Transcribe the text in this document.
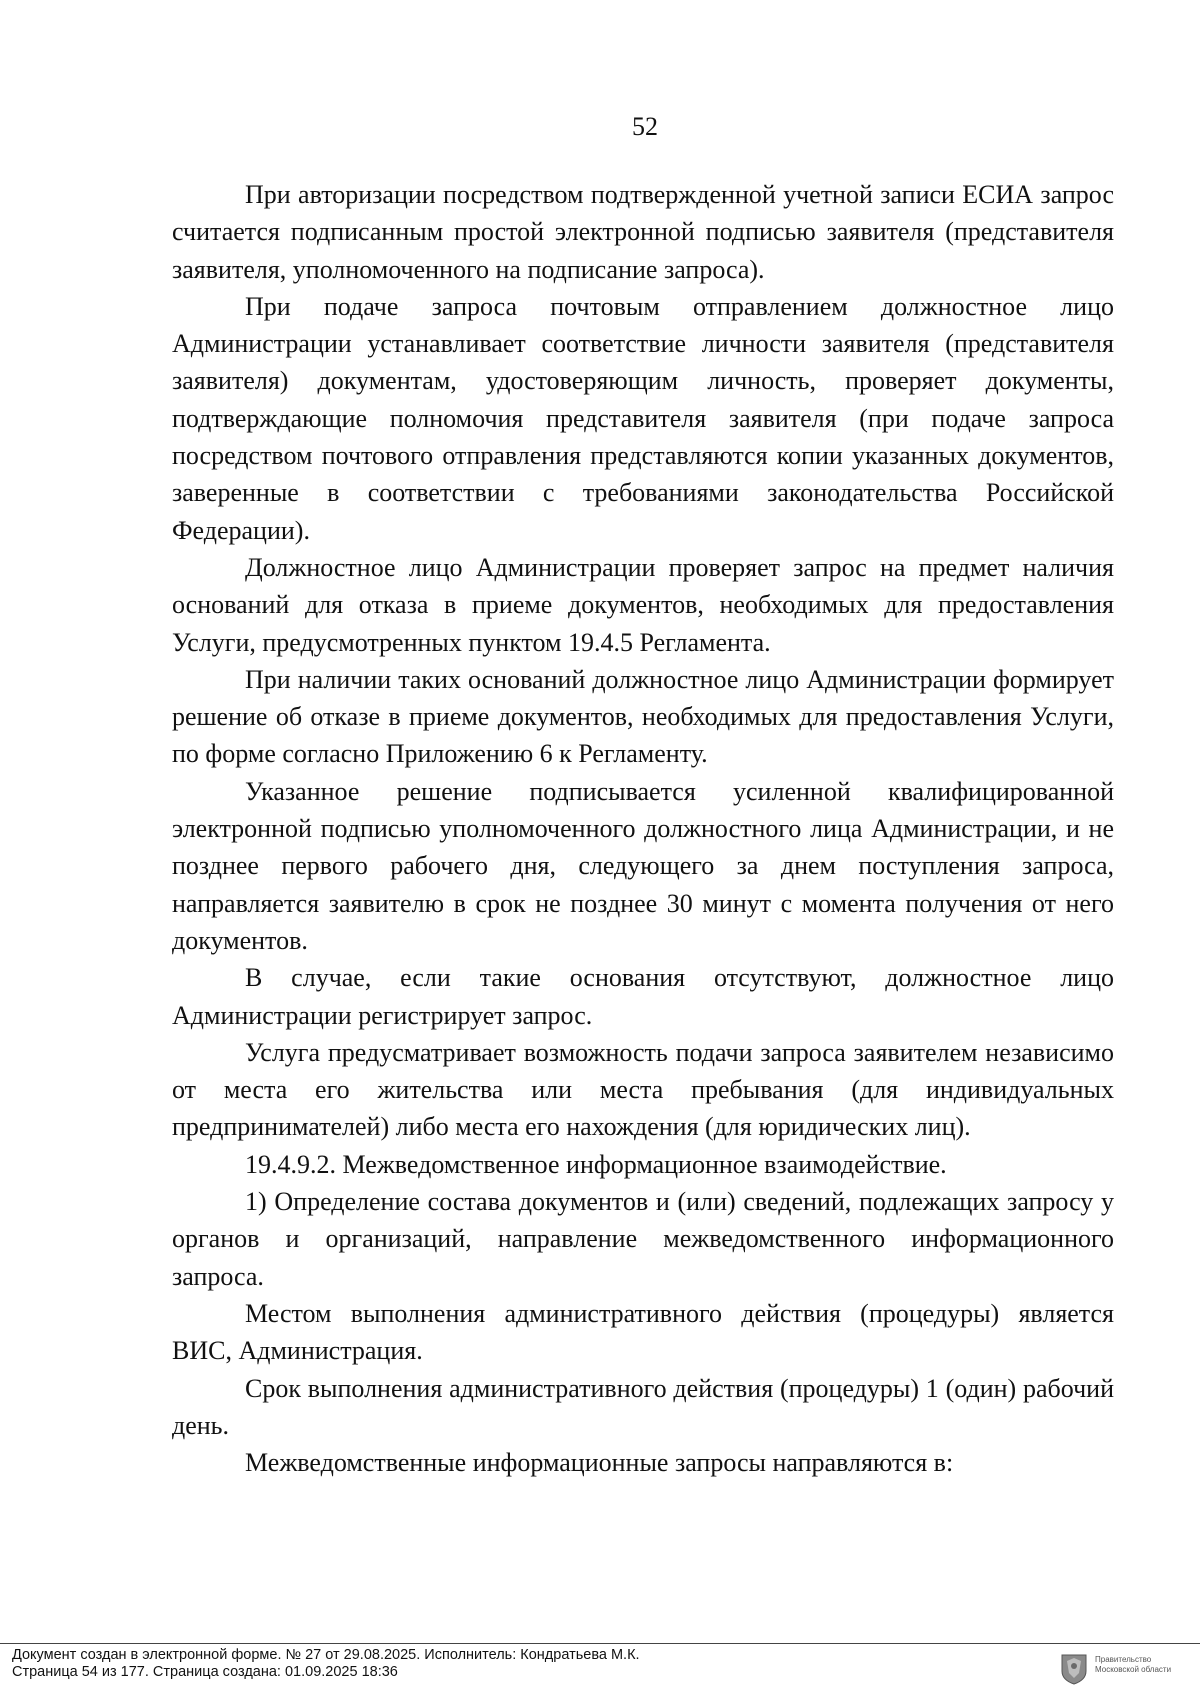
52

При авторизации посредством подтвержденной учетной записи ЕСИА запрос считается подписанным простой электронной подписью заявителя (представителя заявителя, уполномоченного на подписание запроса).

При подаче запроса почтовым отправлением должностное лицо Администрации устанавливает соответствие личности заявителя (представителя заявителя) документам, удостоверяющим личность, проверяет документы, подтверждающие полномочия представителя заявителя (при подаче запроса посредством почтового отправления представляются копии указанных документов, заверенные в соответствии с требованиями законодательства Российской Федерации).

Должностное лицо Администрации проверяет запрос на предмет наличия оснований для отказа в приеме документов, необходимых для предоставления Услуги, предусмотренных пунктом 19.4.5 Регламента.

При наличии таких оснований должностное лицо Администрации формирует решение об отказе в приеме документов, необходимых для предоставления Услуги, по форме согласно Приложению 6 к Регламенту.

Указанное решение подписывается усиленной квалифицированной электронной подписью уполномоченного должностного лица Администрации, и не позднее первого рабочего дня, следующего за днем поступления запроса, направляется заявителю в срок не позднее 30 минут с момента получения от него документов.

В случае, если такие основания отсутствуют, должностное лицо Администрации регистрирует запрос.

Услуга предусматривает возможность подачи запроса заявителем независимо от места его жительства или места пребывания (для индивидуальных предпринимателей) либо места его нахождения (для юридических лиц).

19.4.9.2. Межведомственное информационное взаимодействие.

1) Определение состава документов и (или) сведений, подлежащих запросу у органов и организаций, направление межведомственного информационного запроса.

Местом выполнения административного действия (процедуры) является ВИС, Администрация.

Срок выполнения административного действия (процедуры) 1 (один) рабочий день.

Межведомственные информационные запросы направляются в:

Документ создан в электронной форме. № 27 от 29.08.2025. Исполнитель: Кондратьева М.К.
Страница 54 из 177. Страница создана: 01.09.2025 18:36
Правительство
Московской области
